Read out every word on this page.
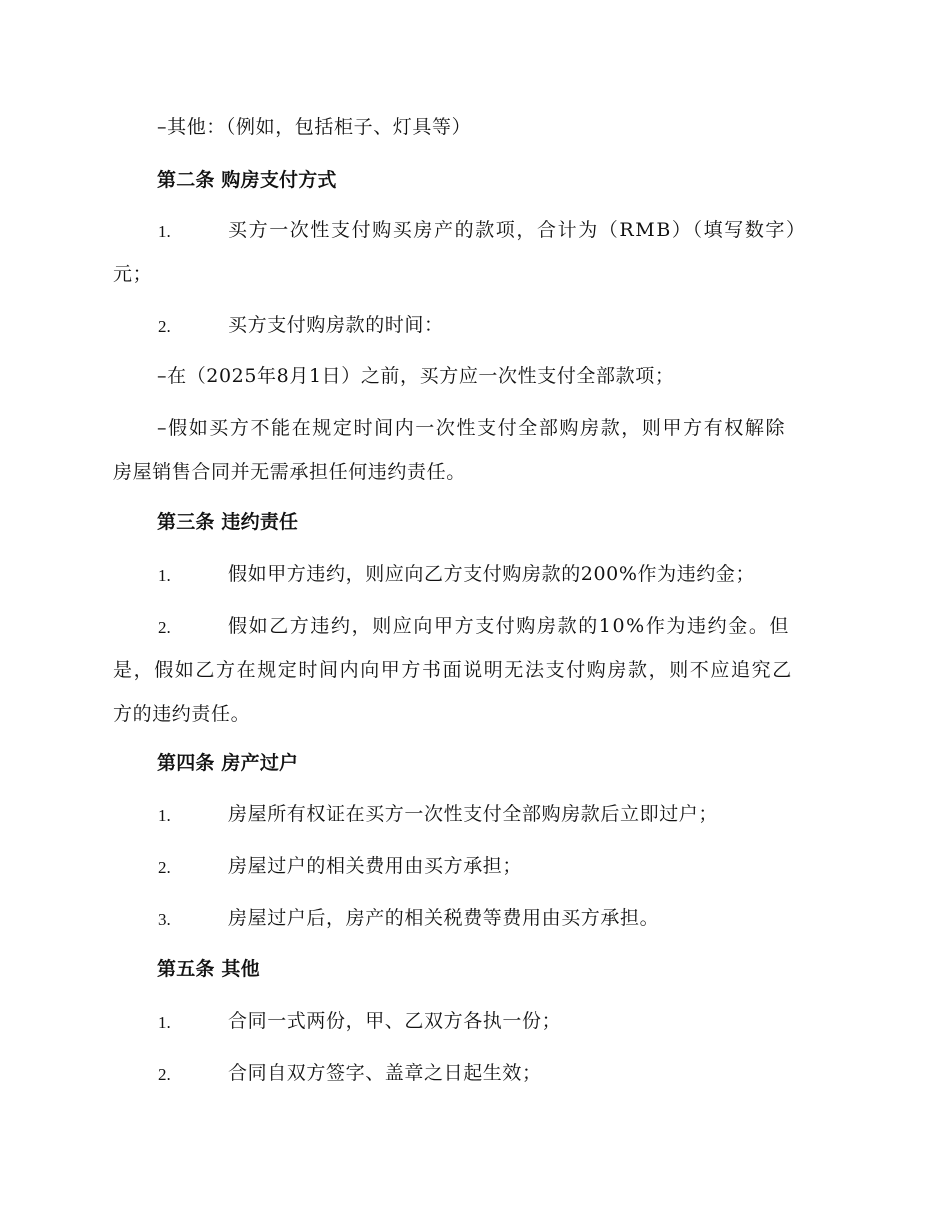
–其他：（例如，包括柜子、灯具等）
第二条 购房支付方式
1.	买方一次性支付购买房产的款项，合计为（RMB）（填写数字）
元；
2.	买方支付购房款的时间：
–在（2025年8月1日）之前，买方应一次性支付全部款项；
–假如买方不能在规定时间内一次性支付全部购房款，则甲方有权解除
房屋销售合同并无需承担任何违约责任。
第三条 违约责任
1.	假如甲方违约，则应向乙方支付购房款的200%作为违约金；
2.	假如乙方违约，则应向甲方支付购房款的10%作为违约金。但
是，假如乙方在规定时间内向甲方书面说明无法支付购房款，则不应追究乙
方的违约责任。
第四条 房产过户
1.	房屋所有权证在买方一次性支付全部购房款后立即过户；
2.	房屋过户的相关费用由买方承担；
3.	房屋过户后，房产的相关税费等费用由买方承担。
第五条 其他
1.	合同一式两份，甲、乙双方各执一份；
2.	合同自双方签字、盖章之日起生效；
